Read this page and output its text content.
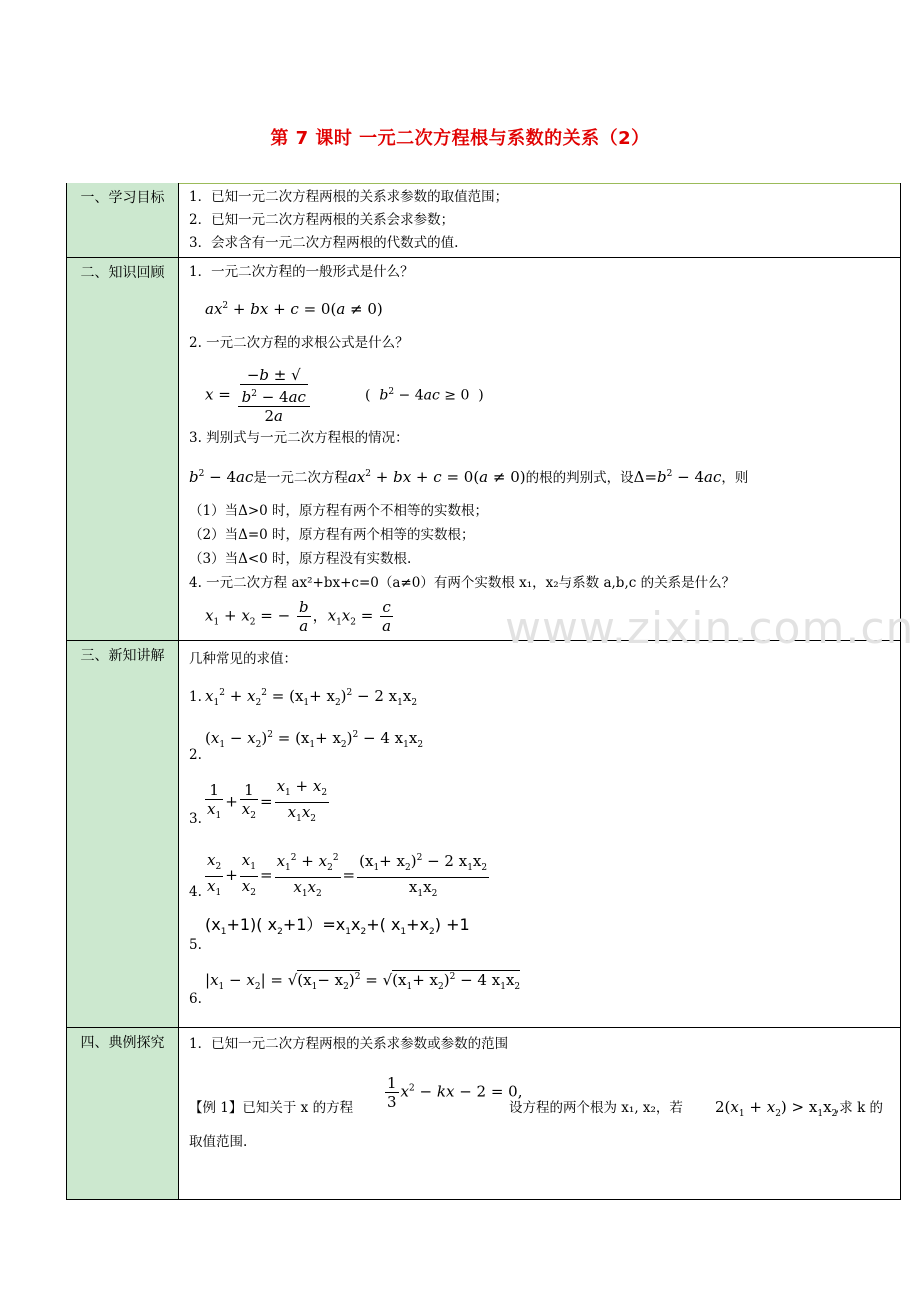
第 7 课时 一元二次方程根与系数的关系（2）
一、学习目标	1．已知一元二次方程两根的关系求参数的取值范围；
2．已知一元二次方程两根的关系会求参数；
3．会求含有一元二次方程两根的代数式的值.
二、知识回顾	1．一元二次方程的一般形式是什么？
$ax^2$ + bx + c = 0(a ≠ 0)
2. 一元二次方程的求根公式是什么？
x = −b ± √
$b^2 - 4ac$
2a	(  $b^2 - 4ac \ge 0$  )
3. 判别式与一元二次方程根的情况：
$b^2 - 4ac$是一元二次方程$ax^2$ + bx + c = 0(a ≠ 0)的根的判别式，设$\Delta=b^2 - 4ac$，则
（1）当Δ>0 时，原方程有两个不相等的实数根；
（2）当Δ=0 时，原方程有两个相等的实数根；
（3）当Δ<0 时，原方程没有实数根.
4. 一元二次方程 ax²+bx+c=0（a≠0）有两个实数根 x₁，x₂与系数 a,b,c 的关系是什么？
$x_1 + x_2$ = − $\frac{b}{a}$ ，$x_1x_2 = \frac{c}{a}$
三、新知讲解	几种常见的求值：
1. $x_1^2 + x_2^2 = (x_1+ x_2)^2 - 2$ $x_1x_2$
2.
$(x_1 - x_2)^2 = (x_1+ x_2)^2 - 4$ $x_1x_2$
3. $\frac{1}{x_1} + \frac{1}{x_2} = \frac{x_1 + x_2}{x_1x_2}$
4. $\frac{x_2}{x_1} + \frac{x_1}{x_2} = \frac{x_1^2 + x_2^2}{x_1x_2} = \frac{(x_1+ x_2)^2 - 2 x_1x_2}{x_1x_2}$
5.
$(x_1+1)$( $x_2+1)=x_1x_2+$( $x_1+x_2) +1$
6.
$|x_1 - x_2| = √(x_1- x_2)^2 = √(x_1+ x_2)^2 - 4$ $x_1x_2$
四、典例探究	1．已知一元二次方程两根的关系求参数或参数的范围
【例 1】已知关于 x 的方程 $\frac{1}{3} x^2$ − kx − 2 = 0,
设方程的两个根为 x₁, x₂，若 $2(x_1 + x_2) > x_1x_2$
,求 k 的
取值范围.
www.zixin.com.cn
